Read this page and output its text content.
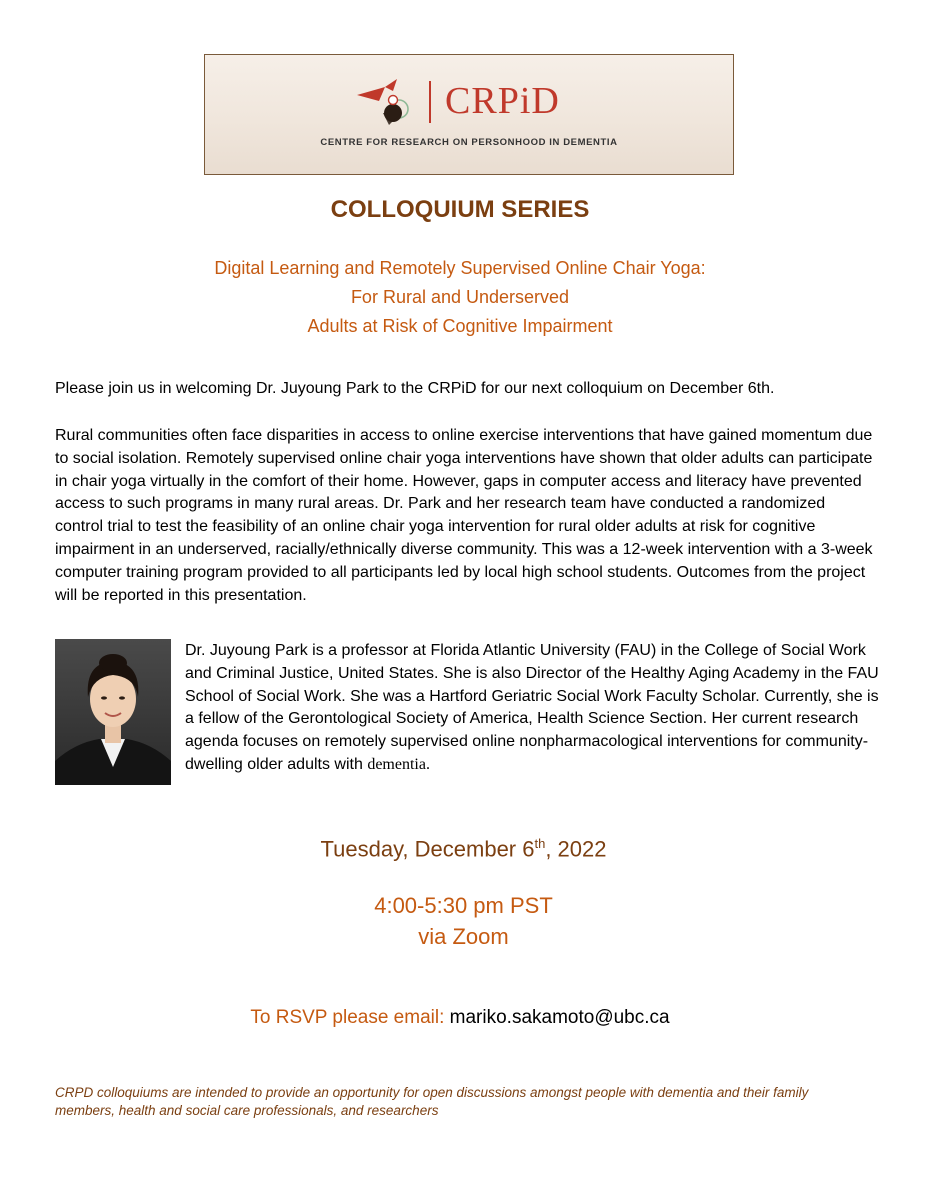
CRPiD
CENTRE FOR RESEARCH ON PERSONHOOD IN DEMENTIA
COLLOQUIUM SERIES
Digital Learning and Remotely Supervised Online Chair Yoga:
For Rural and Underserved
Adults at Risk of Cognitive Impairment
Please join us in welcoming Dr. Juyoung Park to the CRPiD for our next colloquium on December 6th.
Rural communities often face disparities in access to online exercise interventions that have gained momentum due to social isolation. Remotely supervised online chair yoga interventions have shown that older adults can participate in chair yoga virtually in the comfort of their home. However, gaps in computer access and literacy have prevented access to such programs in many rural areas. Dr. Park and her research team have conducted a randomized control trial to test the feasibility of an online chair yoga intervention for rural older adults at risk for cognitive impairment in an underserved, racially/ethnically diverse community. This was a 12-week intervention with a 3-week computer training program provided to all participants led by local high school students. Outcomes from the project will be reported in this presentation.
Dr. Juyoung Park is a professor at Florida Atlantic University (FAU) in the College of Social Work and Criminal Justice, United States. She is also Director of the Healthy Aging Academy in the FAU School of Social Work. She was a Hartford Geriatric Social Work Faculty Scholar. Currently, she is a fellow of the Gerontological Society of America, Health Science Section. Her current research agenda focuses on remotely supervised online nonpharmacological interventions for community-dwelling older adults with dementia.
Tuesday, December 6th, 2022
4:00-5:30 pm PST
via Zoom
To RSVP please email: mariko.sakamoto@ubc.ca
CRPD colloquiums are intended to provide an opportunity for open discussions amongst people with dementia and their family members, health and social care professionals, and researchers
